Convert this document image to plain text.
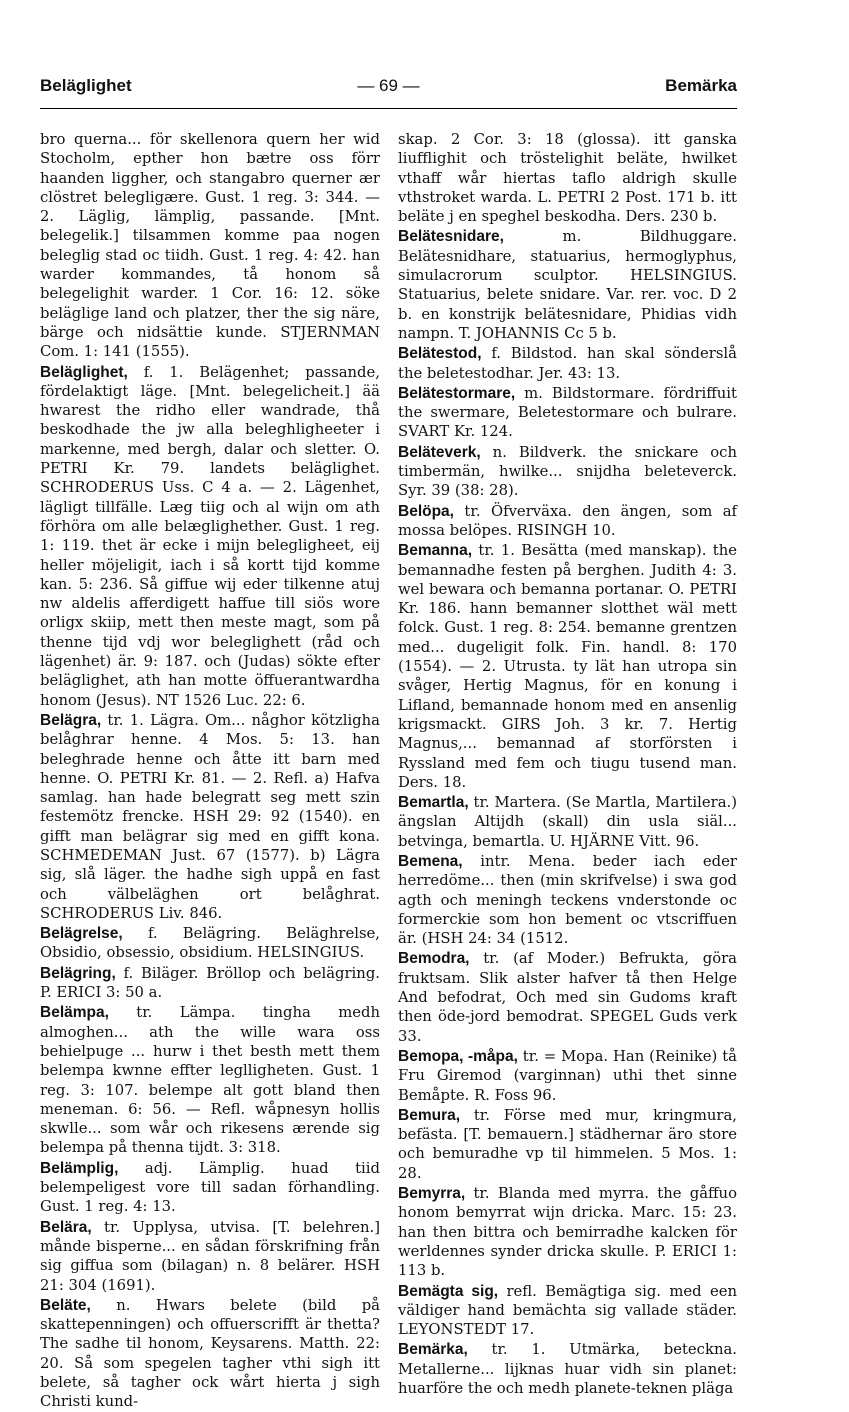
Beläglighet	— 69 —	Bemärka

bro querna... för skellenora quern her wid Stocholm, epther hon bætre oss förr haanden liggher, och stangabro querner ær clöstret belegligære. Gust. 1 reg. 3: 344. — 2. Läglig, lämplig, passande. [Mnt. belegelik.] tilsammen komme paa nogen beleglig stad oc tiidh. Gust. 1 reg. 4: 42. han warder kommandes, tå honom så belegelighit warder. 1 Cor. 16: 12. söke beläglige land och platzer, ther the sig näre, bärge och nidsättie kunde. STJERNMAN Com. 1: 141 (1555).

Beläglighet, f. 1. Belägenhet; passande, fördelaktigt läge. [Mnt. belegelicheit.] ää hwarest the ridho eller wandrade, thå beskodhade the jw alla beleghligheeter i markenne, med bergh, dalar och sletter. O. PETRI Kr. 79. landets beläglighet. SCHRODERUS Uss. C 4 a. — 2. Lägenhet, lägligt tillfälle. Læg tiig och al wijn om ath förhöra om alle belæglighether. Gust. 1 reg. 1: 119. thet är ecke i mijn belegligheet, eij heller möjeligit, iach i så kortt tijd komme kan. 5: 236. Så giffue wij eder tilkenne atuj nw aldelis afferdigett haffue till siös wore orligx skiip, mett then meste magt, som på thenne tijd vdj wor beleglighett (råd och lägenhet) är. 9: 187. och (Judas) sökte efter beläglighet, ath han motte öffuerantwardha honom (Jesus). NT 1526 Luc. 22: 6.

Belägra, tr. 1. Lägra. Om... någhor kötzligha belåghrar henne. 4 Mos. 5: 13. han beleghrade henne och åtte itt barn med henne. O. PETRI Kr. 81. — 2. Refl. a) Hafva samlag. han hade belegratt seg mett szin festemötz frencke. HSH 29: 92 (1540). en gifft man belägrar sig med en gifft kona. SCHMEDEMAN Just. 67 (1577). b) Lägra sig, slå läger. the hadhe sigh uppå en fast och välbeläghen ort belåghrat. SCHRODERUS Liv. 846.

Belägrelse, f. Belägring. Beläghrelse, Obsidio, obsessio, obsidium. HELSINGIUS.

Belägring, f. Biläger. Bröllop och belägring. P. ERICI 3: 50 a.

Belämpa, tr. Lämpa. tingha medh almoghen... ath the wille wara oss behielpuge ... hurw i thet besth mett them belempa kwnne effter leglligheten. Gust. 1 reg. 3: 107. belempe alt gott bland then meneman. 6: 56. — Refl. wåpnesyn hollis skwlle... som wår och rikesens ærende sig belempa på thenna tijdt. 3: 318.

Belämplig, adj. Lämplig. huad tiid belempeligest vore till sadan förhandling. Gust. 1 reg. 4: 13.

Belära, tr. Upplysa, utvisa. [T. belehren.] månde bisperne... en sådan förskrifning från sig giffua som (bilagan) n. 8 belärer. HSH 21: 304 (1691).

Beläte, n. Hwars belete (bild på skattepenningen) och offuerscrifft är thetta? The sadhe til honom, Keysarens. Matth. 22: 20. Så som spegelen tagher vthi sigh itt belete, så tagher ock wårt hierta j sigh Christi kund-

skap. 2 Cor. 3: 18 (glossa). itt ganska liufflighit och tröstelighit beläte, hwilket vthaff wår hiertas taflo aldrigh skulle vthstroket warda. L. PETRI 2 Post. 171 b. itt beläte j en speghel beskodha. Ders. 230 b.

Belätesnidare, m. Bildhuggare. Belätesnidhare, statuarius, hermoglyphus, simulacrorum sculptor. HELSINGIUS. Statuarius, belete snidare. Var. rer. voc. D 2 b. en konstrijk belätesnidare, Phidias vidh nampn. T. JOHANNIS Cc 5 b.

Belätestod, f. Bildstod. han skal sönderslå the beletestodhar. Jer. 43: 13.

Belätestormare, m. Bildstormare. fördriffuit the swermare, Beletestormare och bulrare. SVART Kr. 124.

Beläteverk, n. Bildverk. the snickare och timbermän, hwilke... snijdha beleteverck. Syr. 39 (38: 28).

Belöpa, tr. Öfverväxa. den ängen, som af mossa belöpes. RISINGH 10.

Bemanna, tr. 1. Besätta (med manskap). the bemannadhe festen på berghen. Judith 4: 3. wel bewara och bemanna portanar. O. PETRI Kr. 186. hann bemanner slotthet wäl mett folck. Gust. 1 reg. 8: 254. bemanne grentzen med... dugeligit folk. Fin. handl. 8: 170 (1554). — 2. Utrusta. ty lät han utropa sin svåger, Hertig Magnus, för en konung i Lifland, bemannade honom med en ansenlig krigsmackt. GIRS Joh. 3 kr. 7. Hertig Magnus,... bemannad af storförsten i Ryssland med fem och tiugu tusend man. Ders. 18.

Bemartla, tr. Martera. (Se Martla, Martilera.) ängslan Altijdh (skall) din usla siäl... betvinga, bemartla. U. HJÄRNE Vitt. 96.

Bemena, intr. Mena. beder iach eder herredöme... then (min skrifvelse) i swa god agth och meningh teckens vnderstonde oc formerckie som hon bement oc vtscriffuen är. (HSH 24: 34 (1512.

Bemodra, tr. (af Moder.) Befrukta, göra fruktsam. Slik alster hafver tå then Helge And befodrat, Och med sin Gudoms kraft then öde-jord bemodrat. SPEGEL Guds verk 33.

Bemopa, -måpa, tr. = Mopa. Han (Reinike) tå Fru Giremod (varginnan) uthi thet sinne Bemåpte. R. Foss 96.

Bemura, tr. Förse med mur, kringmura, befästa. [T. bemauern.] städhernar äro store och bemuradhe vp til himmelen. 5 Mos. 1: 28.

Bemyrra, tr. Blanda med myrra. the gåffuo honom bemyrrat wijn dricka. Marc. 15: 23. han then bittra och bemirradhe kalcken för werldennes synder dricka skulle. P. ERICI 1: 113 b.

Bemägta sig, refl. Bemägtiga sig. med een väldiger hand bemächta sig vallade städer. LEYONSTEDT 17.

Bemärka, tr. 1. Utmärka, beteckna. Metallerne... lijknas huar vidh sin planet: huarföre the och medh planete-teknen pläga
